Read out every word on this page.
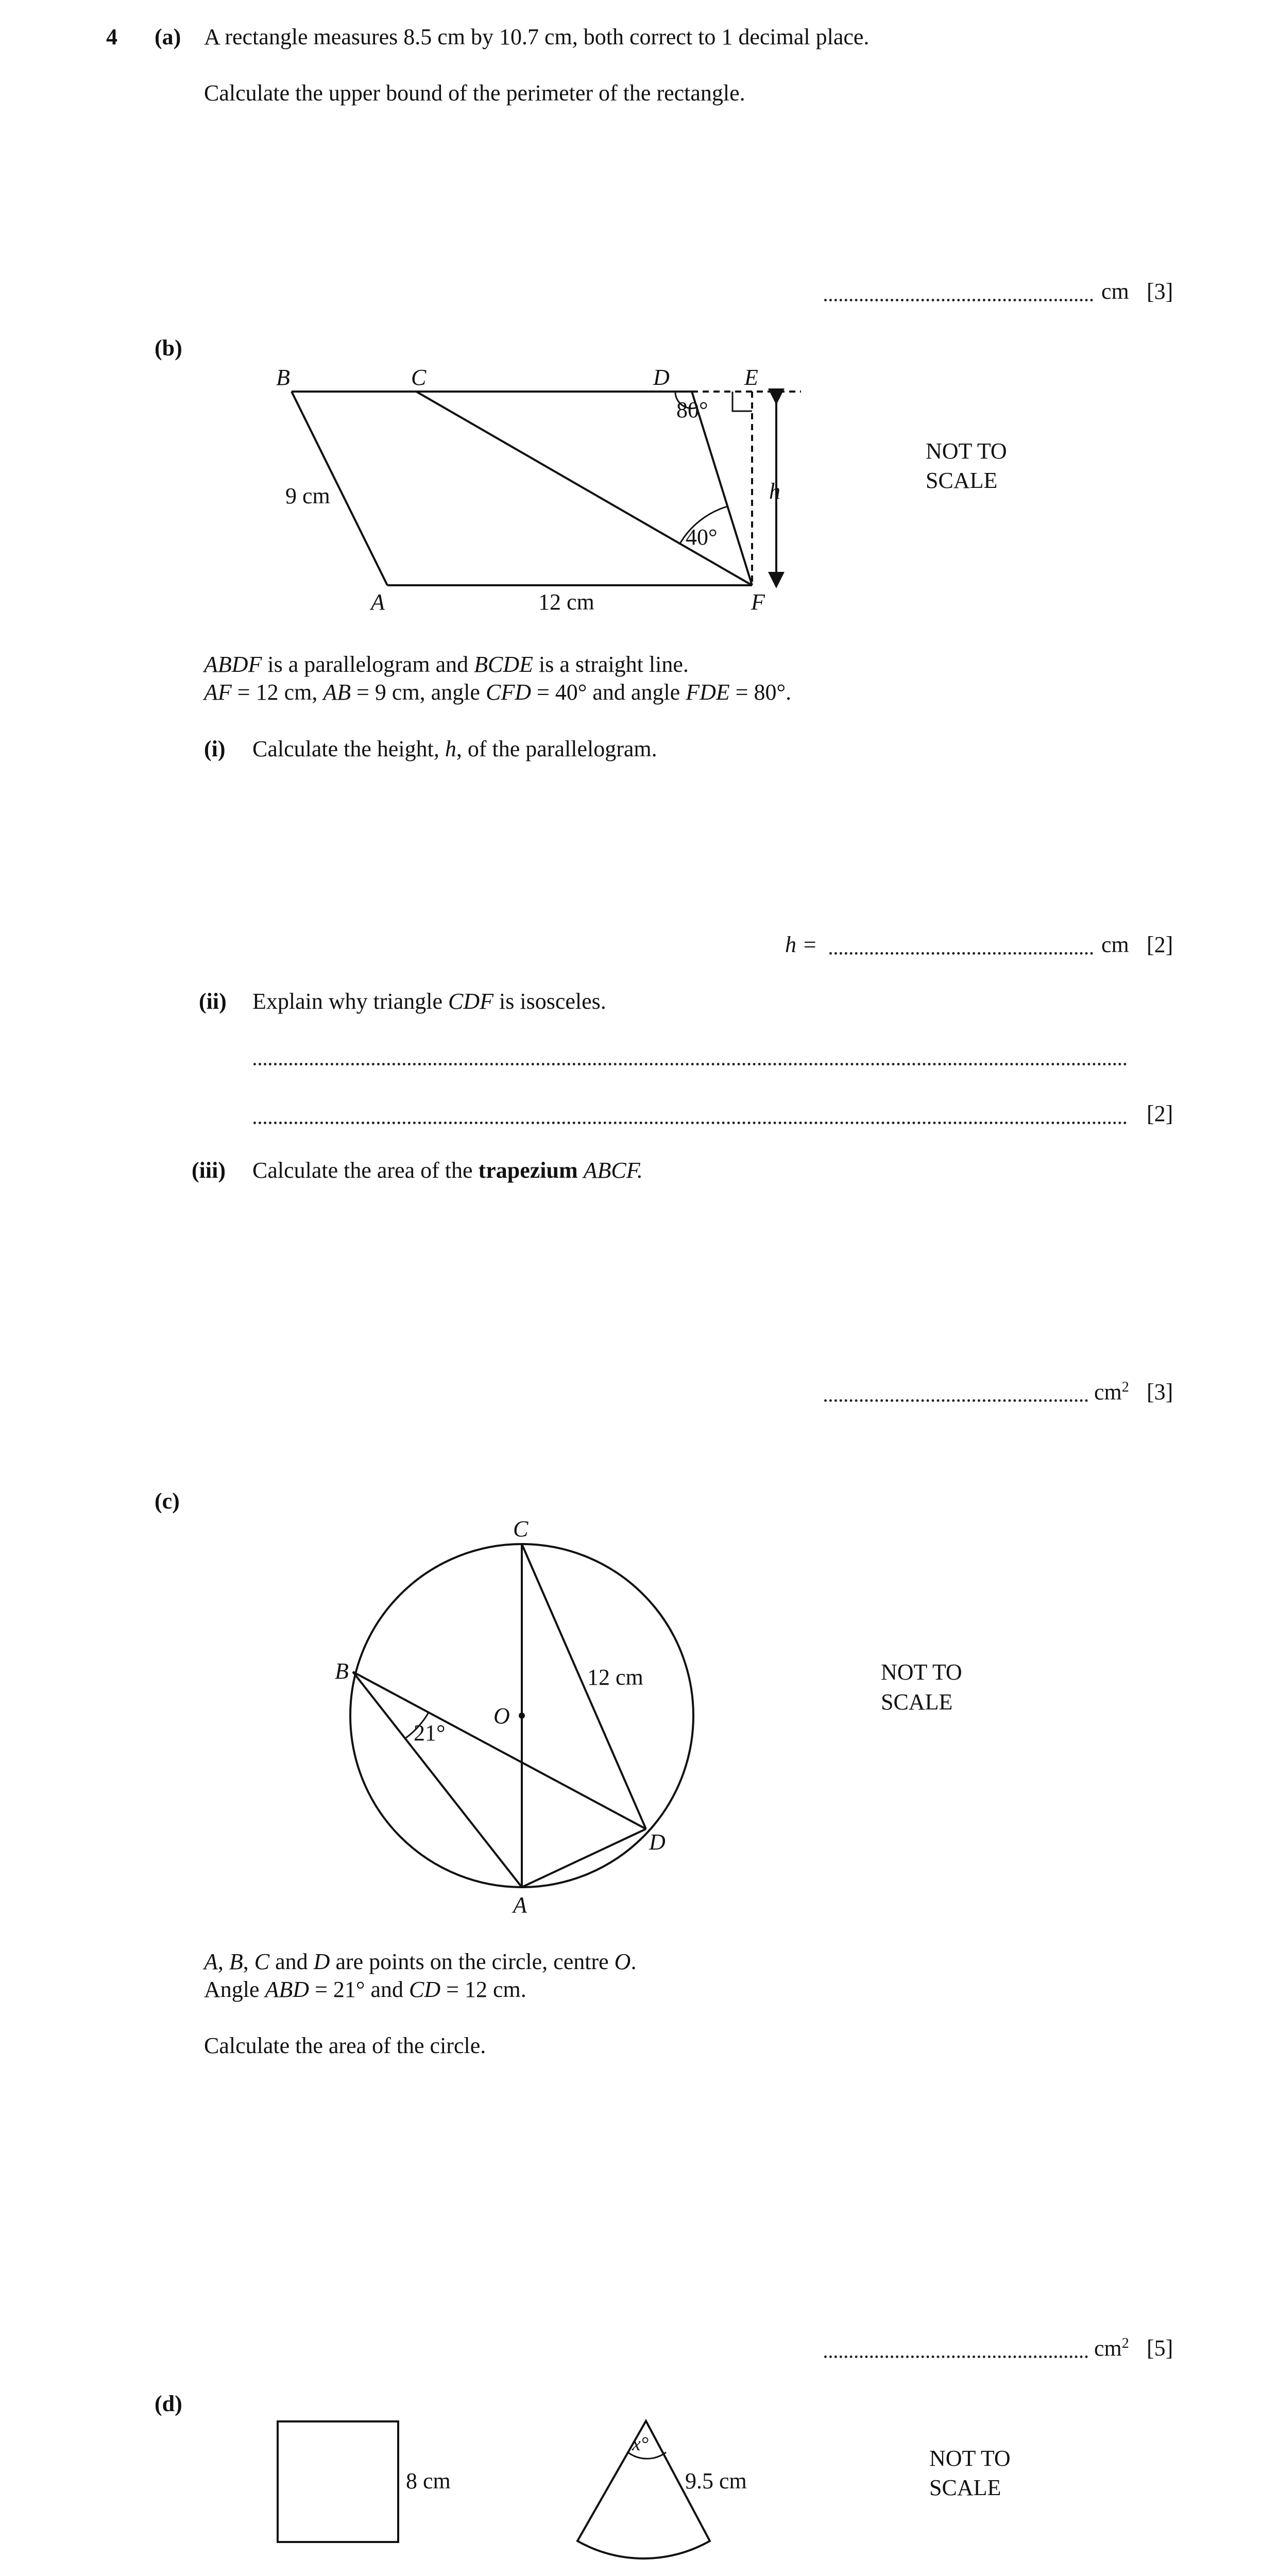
4 (a) A rectangle measures 8.5 cm by 10.7 cm, both correct to 1 decimal place.
Calculate the upper bound of the perimeter of the rectangle.
cm [3]
(b)
B	C	D	E
A	F
h
9 cm
12 cm
80°
40°
NOT TO
SCALE
ABDF is a parallelogram and BCDE is a straight line.
AF = 12 cm, AB = 9 cm, angle CFD = 40° and angle FDE = 80°.
(i) Calculate the height, h, of the parallelogram.
h =	cm [2]
(ii) Explain why triangle CDF is isosceles.
[2]
(iii) Calculate the area of the trapezium ABCF.
$cm^2$ [3]
(c)
C
B
O
D
A
12 cm
21°
NOT TO
SCALE
A, B, C and D are points on the circle, centre O.
Angle ABD = 21° and CD = 12 cm.
Calculate the area of the circle.
$cm^2$ [5]
(d)
8 cm	9.5 cm
x°
NOT TO
SCALE
